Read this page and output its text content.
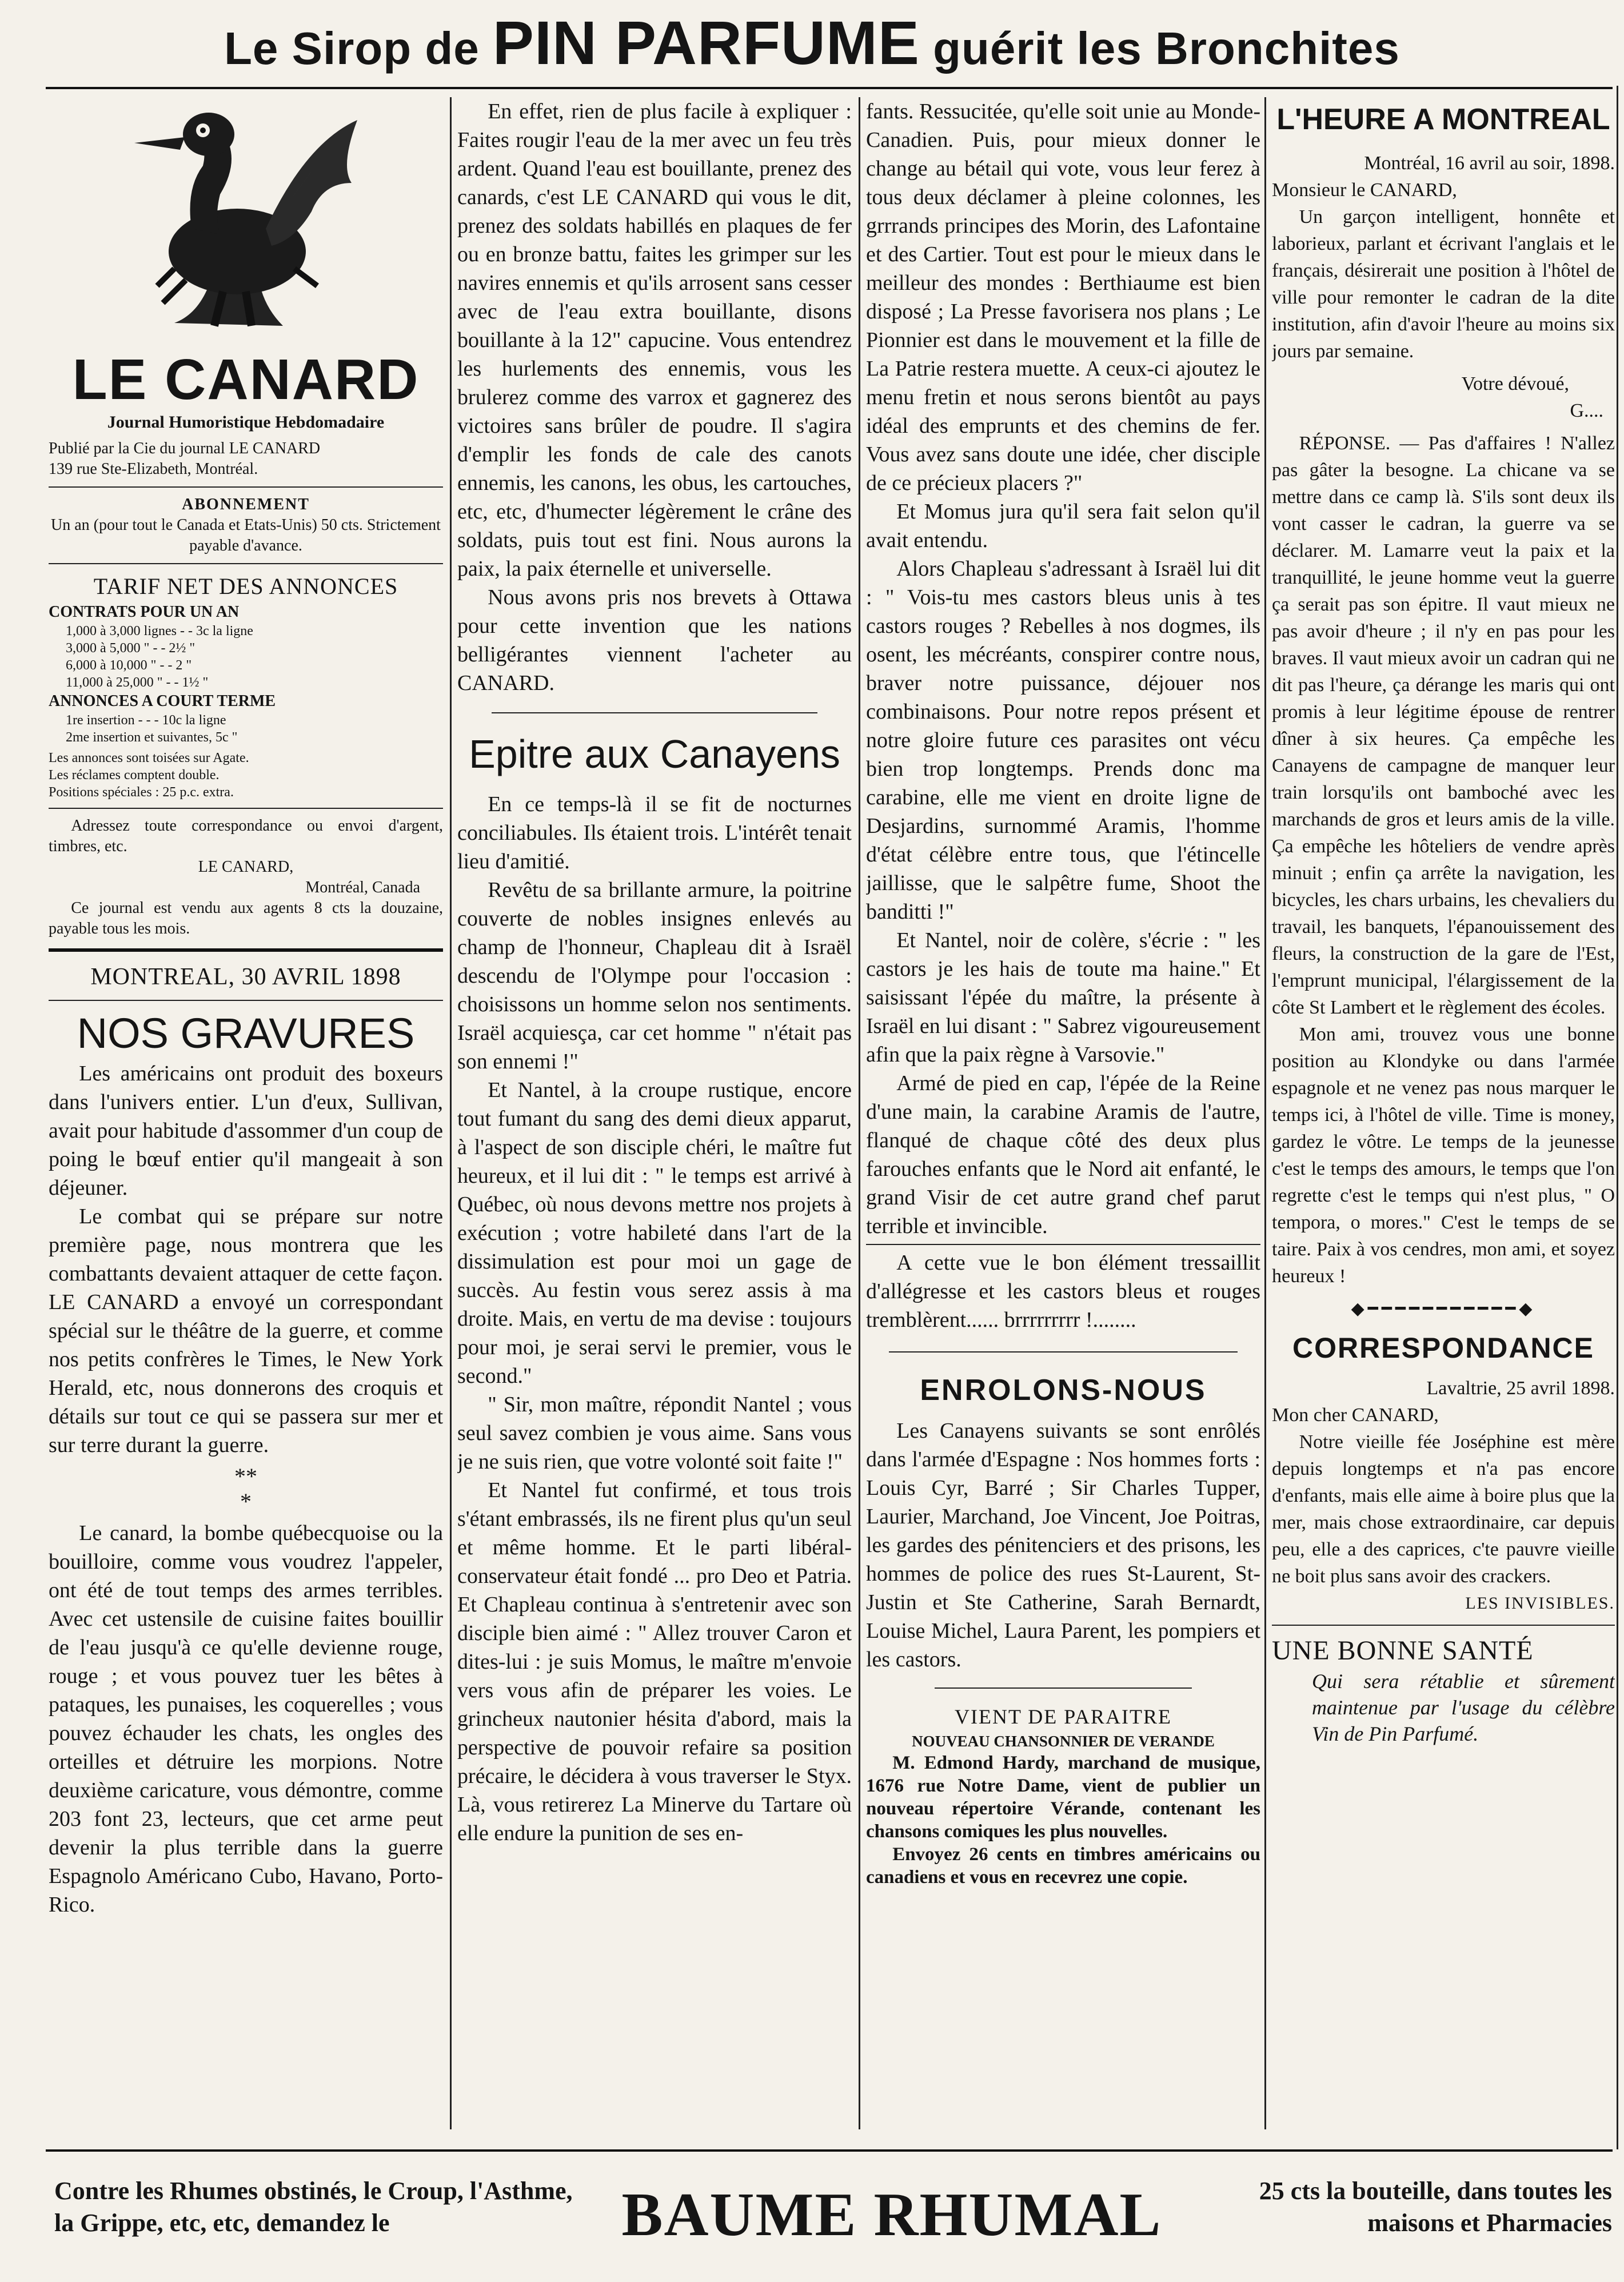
Le Sirop de PIN PARFUME guérit les Bronchites
LE CANARD

Journal Humoristique Hebdomadaire

Publié par la Cie du journal LE CANARD

139 rue Ste-Elizabeth, Montréal.

ABONNEMENT

Un an (pour tout le Canada et Etats-Unis) 50 cts. Strictement payable d'avance.

TARIF NET DES ANNONCES

CONTRATS POUR UN AN

1,000 à 3,000 lignes - - 3c la ligne
3,000 à 5,000 " - - 2½ "
6,000 à 10,000 " - - 2 "
11,000 à 25,000 " - - 1½ "

ANNONCES A COURT TERME

1re insertion - - - 10c la ligne
2me insertion et suivantes, 5c "
Les annonces sont toisées sur Agate.
Les réclames comptent double.
Positions spéciales : 25 p.c. extra.

Adressez toute correspondance ou envoi d'argent, timbres, etc.

LE CANARD,

Montréal, Canada

Ce journal est vendu aux agents 8 cts la douzaine, payable tous les mois.

MONTREAL, 30 AVRIL 1898

NOS GRAVURES

Les américains ont produit des boxeurs dans l'univers entier. L'un d'eux, Sullivan, avait pour habitude d'assommer d'un coup de poing le bœuf entier qu'il mangeait à son déjeuner.

Le combat qui se prépare sur notre première page, nous montrera que les combattants devaient attaquer de cette façon. LE CANARD a envoyé un correspondant spécial sur le théâtre de la guerre, et comme nos petits confrères le Times, le New York Herald, etc, nous donnerons des croquis et détails sur tout ce qui se passera sur mer et sur terre durant la guerre.

**
*

Le canard, la bombe québecquoise ou la bouilloire, comme vous voudrez l'appeler, ont été de tout temps des armes terribles. Avec cet ustensile de cuisine faites bouillir de l'eau jusqu'à ce qu'elle devienne rouge, rouge ; et vous pouvez tuer les bêtes à pataques, les punaises, les coquerelles ; vous pouvez échauder les chats, les ongles des orteilles et détruire les morpions. Notre deuxième caricature, vous démontre, comme 203 font 23, lecteurs, que cet arme peut devenir la plus terrible dans la guerre Espagnolo Américano Cubo, Havano, Porto-Rico.

En effet, rien de plus facile à expliquer : Faites rougir l'eau de la mer avec un feu très ardent. Quand l'eau est bouillante, prenez des canards, c'est LE CANARD qui vous le dit, prenez des soldats habillés en plaques de fer ou en bronze battu, faites les grimper sur les navires ennemis et qu'ils arrosent sans cesser avec de l'eau extra bouillante, disons bouillante à la 12" capucine. Vous entendrez les hurlements des ennemis, vous les brulerez comme des varrox et gagnerez des victoires sans brûler de poudre. Il s'agira d'emplir les fonds de cale des canots ennemis, les canons, les obus, les cartouches, etc, etc, d'humecter légèrement le crâne des soldats, puis tout est fini. Nous aurons la paix, la paix éternelle et universelle.

Nous avons pris nos brevets à Ottawa pour cette invention que les nations belligérantes viennent l'acheter au CANARD.

Epitre aux Canayens

En ce temps-là il se fit de nocturnes conciliabules. Ils étaient trois. L'intérêt tenait lieu d'amitié.

Revêtu de sa brillante armure, la poitrine couverte de nobles insignes enlevés au champ de l'honneur, Chapleau dit à Israël descendu de l'Olympe pour l'occasion : choisissons un homme selon nos sentiments. Israël acquiesça, car cet homme " n'était pas son ennemi !"

Et Nantel, à la croupe rustique, encore tout fumant du sang des demi dieux apparut, à l'aspect de son disciple chéri, le maître fut heureux, et il lui dit : " le temps est arrivé à Québec, où nous devons mettre nos projets à exécution ; votre habileté dans l'art de la dissimulation est pour moi un gage de succès. Au festin vous serez assis à ma droite. Mais, en vertu de ma devise : toujours pour moi, je serai servi le premier, vous le second."

" Sir, mon maître, répondit Nantel ; vous seul savez combien je vous aime. Sans vous je ne suis rien, que votre volonté soit faite !"

Et Nantel fut confirmé, et tous trois s'étant embrassés, ils ne firent plus qu'un seul et même homme. Et le parti libéral-conservateur était fondé ... pro Deo et Patria. Et Chapleau continua à s'entretenir avec son disciple bien aimé : " Allez trouver Caron et dites-lui : je suis Momus, le maître m'envoie vers vous afin de préparer les voies. Le grincheux nautonier hésita d'abord, mais la perspective de pouvoir refaire sa position précaire, le décidera à vous traverser le Styx. Là, vous retirerez La Minerve du Tartare où elle endure la punition de ses en-

fants. Ressucitée, qu'elle soit unie au Monde-Canadien. Puis, pour mieux donner le change au bétail qui vote, vous leur ferez à tous deux déclamer à pleine colonnes, les grrrands principes des Morin, des Lafontaine et des Cartier. Tout est pour le mieux dans le meilleur des mondes : Berthiaume est bien disposé ; La Presse favorisera nos plans ; Le Pionnier est dans le mouvement et la fille de La Patrie restera muette. A ceux-ci ajoutez le menu fretin et nous serons bientôt au pays idéal des emprunts et des chemins de fer. Vous avez sans doute une idée, cher disciple de ce précieux placers ?"

Et Momus jura qu'il sera fait selon qu'il avait entendu.

Alors Chapleau s'adressant à Israël lui dit : " Vois-tu mes castors bleus unis à tes castors rouges ? Rebelles à nos dogmes, ils osent, les mécréants, conspirer contre nous, braver notre puissance, déjouer nos combinaisons. Pour notre repos présent et notre gloire future ces parasites ont vécu bien trop longtemps. Prends donc ma carabine, elle me vient en droite ligne de Desjardins, surnommé Aramis, l'homme d'état célèbre entre tous, que l'étincelle jaillisse, que le salpêtre fume, Shoot the banditti !"

Et Nantel, noir de colère, s'écrie : " les castors je les hais de toute ma haine." Et saisissant l'épée du maître, la présente à Israël en lui disant : " Sabrez vigoureusement afin que la paix règne à Varsovie."

Armé de pied en cap, l'épée de la Reine d'une main, la carabine Aramis de l'autre, flanqué de chaque côté des deux plus farouches enfants que le Nord ait enfanté, le grand Visir de cet autre grand chef parut terrible et invincible.

A cette vue le bon élément tressaillit d'allégresse et les castors bleus et rouges tremblèrent...... brrrrrrrrr !........

ENROLONS-NOUS

Les Canayens suivants se sont enrôlés dans l'armée d'Espagne : Nos hommes forts : Louis Cyr, Barré ; Sir Charles Tupper, Laurier, Marchand, Joe Vincent, Joe Poitras, les gardes des pénitenciers et des prisons, les hommes de police des rues St-Laurent, St-Justin et Ste Catherine, Sarah Bernardt, Louise Michel, Laura Parent, les pompiers et les castors.

VIENT DE PARAITRE

NOUVEAU CHANSONNIER DE VERANDE

M. Edmond Hardy, marchand de musique, 1676 rue Notre Dame, vient de publier un nouveau répertoire Vérande, contenant les chansons comiques les plus nouvelles.

Envoyez 26 cents en timbres américains ou canadiens et vous en recevrez une copie.

L'HEURE A MONTREAL

Montréal, 16 avril au soir, 1898.

Monsieur le CANARD,

Un garçon intelligent, honnête et laborieux, parlant et écrivant l'anglais et le français, désirerait une position à l'hôtel de ville pour remonter le cadran de la dite institution, afin d'avoir l'heure au moins six jours par semaine.

Votre dévoué,

G....

RÉPONSE. — Pas d'affaires ! N'allez pas gâter la besogne. La chicane va se mettre dans ce camp là. S'ils sont deux ils vont casser le cadran, la guerre va se déclarer. M. Lamarre veut la paix et la tranquillité, le jeune homme veut la guerre ça serait pas son épitre. Il vaut mieux ne pas avoir d'heure ; il n'y en pas pour les braves. Il vaut mieux avoir un cadran qui ne dit pas l'heure, ça dérange les maris qui ont promis à leur légitime épouse de rentrer dîner à six heures. Ça empêche les Canayens de campagne de manquer leur train lorsqu'ils ont bamboché avec les marchands de gros et leurs amis de la ville. Ça empêche les hôteliers de vendre après minuit ; enfin ça arrête la navigation, les bicycles, les chars urbains, les chevaliers du travail, les banquets, l'épanouissement des fleurs, la construction de la gare de l'Est, l'emprunt municipal, l'élargissement de la côte St Lambert et le règlement des écoles.

Mon ami, trouvez vous une bonne position au Klondyke ou dans l'armée espagnole et ne venez pas nous marquer le temps ici, à l'hôtel de ville. Time is money, gardez le vôtre. Le temps de la jeunesse c'est le temps des amours, le temps que l'on regrette c'est le temps qui n'est plus, " O tempora, o mores." C'est le temps de se taire. Paix à vos cendres, mon ami, et soyez heureux !

◆━━━━━━━━━━━◆

CORRESPONDANCE

Lavaltrie, 25 avril 1898.

Mon cher CANARD,

Notre vieille fée Joséphine est mère depuis longtemps et n'a pas encore d'enfants, mais elle aime à boire plus que la mer, mais chose extraordinaire, car depuis peu, elle a des caprices, c'te pauvre vieille ne boit plus sans avoir des crackers.

LES INVISIBLES.

UNE BONNE SANTÉ

Qui sera rétablie et sûrement maintenue par l'usage du célèbre Vin de Pin Parfumé.

Contre les Rhumes obstinés, le Croup, l'Asthme, la Grippe, etc, etc, demandez le	BAUME RHUMAL	25 cts la bouteille, dans toutes les maisons et Pharmacies
